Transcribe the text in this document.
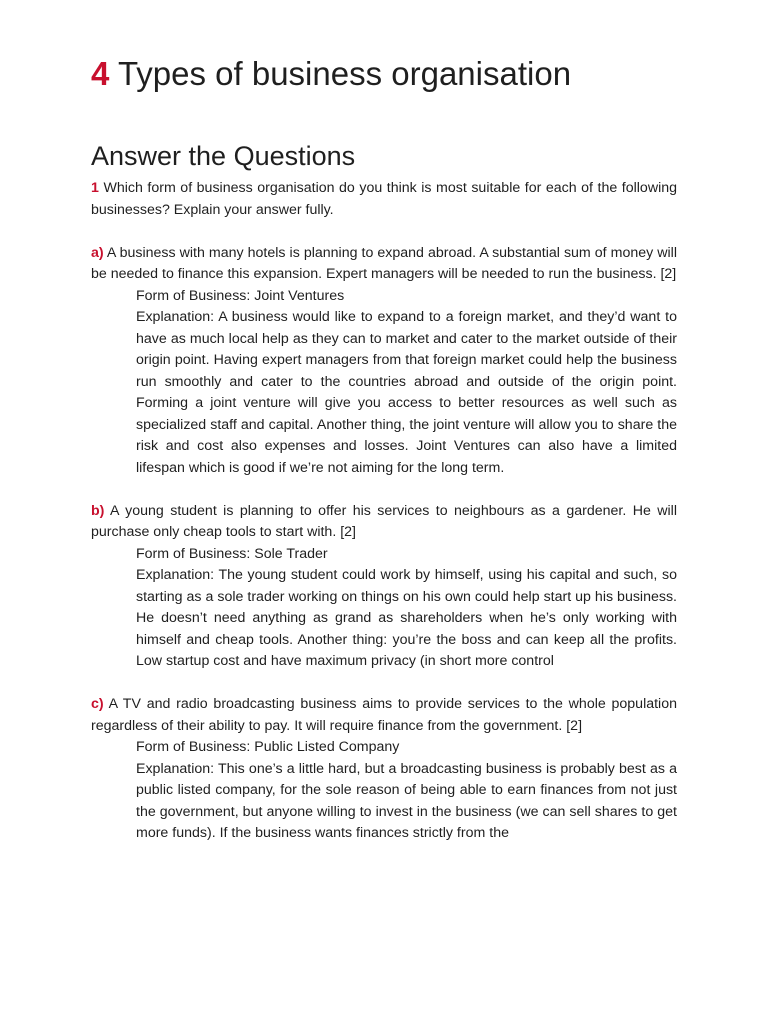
4 Types of business organisation
Answer the Questions

1 Which form of business organisation do you think is most suitable for each of the following businesses? Explain your answer fully.

a) A business with many hotels is planning to expand abroad. A substantial sum of money will be needed to finance this expansion. Expert managers will be needed to run the business. [2]

Form of Business: Joint Ventures

Explanation: A business would like to expand to a foreign market, and they’d want to have as much local help as they can to market and cater to the market outside of their origin point. Having expert managers from that foreign market could help the business run smoothly and cater to the countries abroad and outside of the origin point. Forming a joint venture will give you access to better resources as well such as specialized staff and capital. Another thing, the joint venture will allow you to share the risk and cost also expenses and losses. Joint Ventures can also have a limited lifespan which is good if we’re not aiming for the long term.

b) A young student is planning to offer his services to neighbours as a gardener. He will purchase only cheap tools to start with. [2]

Form of Business: Sole Trader

Explanation: The young student could work by himself, using his capital and such, so starting as a sole trader working on things on his own could help start up his business. He doesn’t need anything as grand as shareholders when he’s only working with himself and cheap tools. Another thing: you’re the boss and can keep all the profits. Low startup cost and have maximum privacy (in short more control

c) A TV and radio broadcasting business aims to provide services to the whole population regardless of their ability to pay. It will require finance from the government. [2]

Form of Business: Public Listed Company

Explanation: This one’s a little hard, but a broadcasting business is probably best as a public listed company, for the sole reason of being able to earn finances from not just the government, but anyone willing to invest in the business (we can sell shares to get more funds). If the business wants finances strictly from the
